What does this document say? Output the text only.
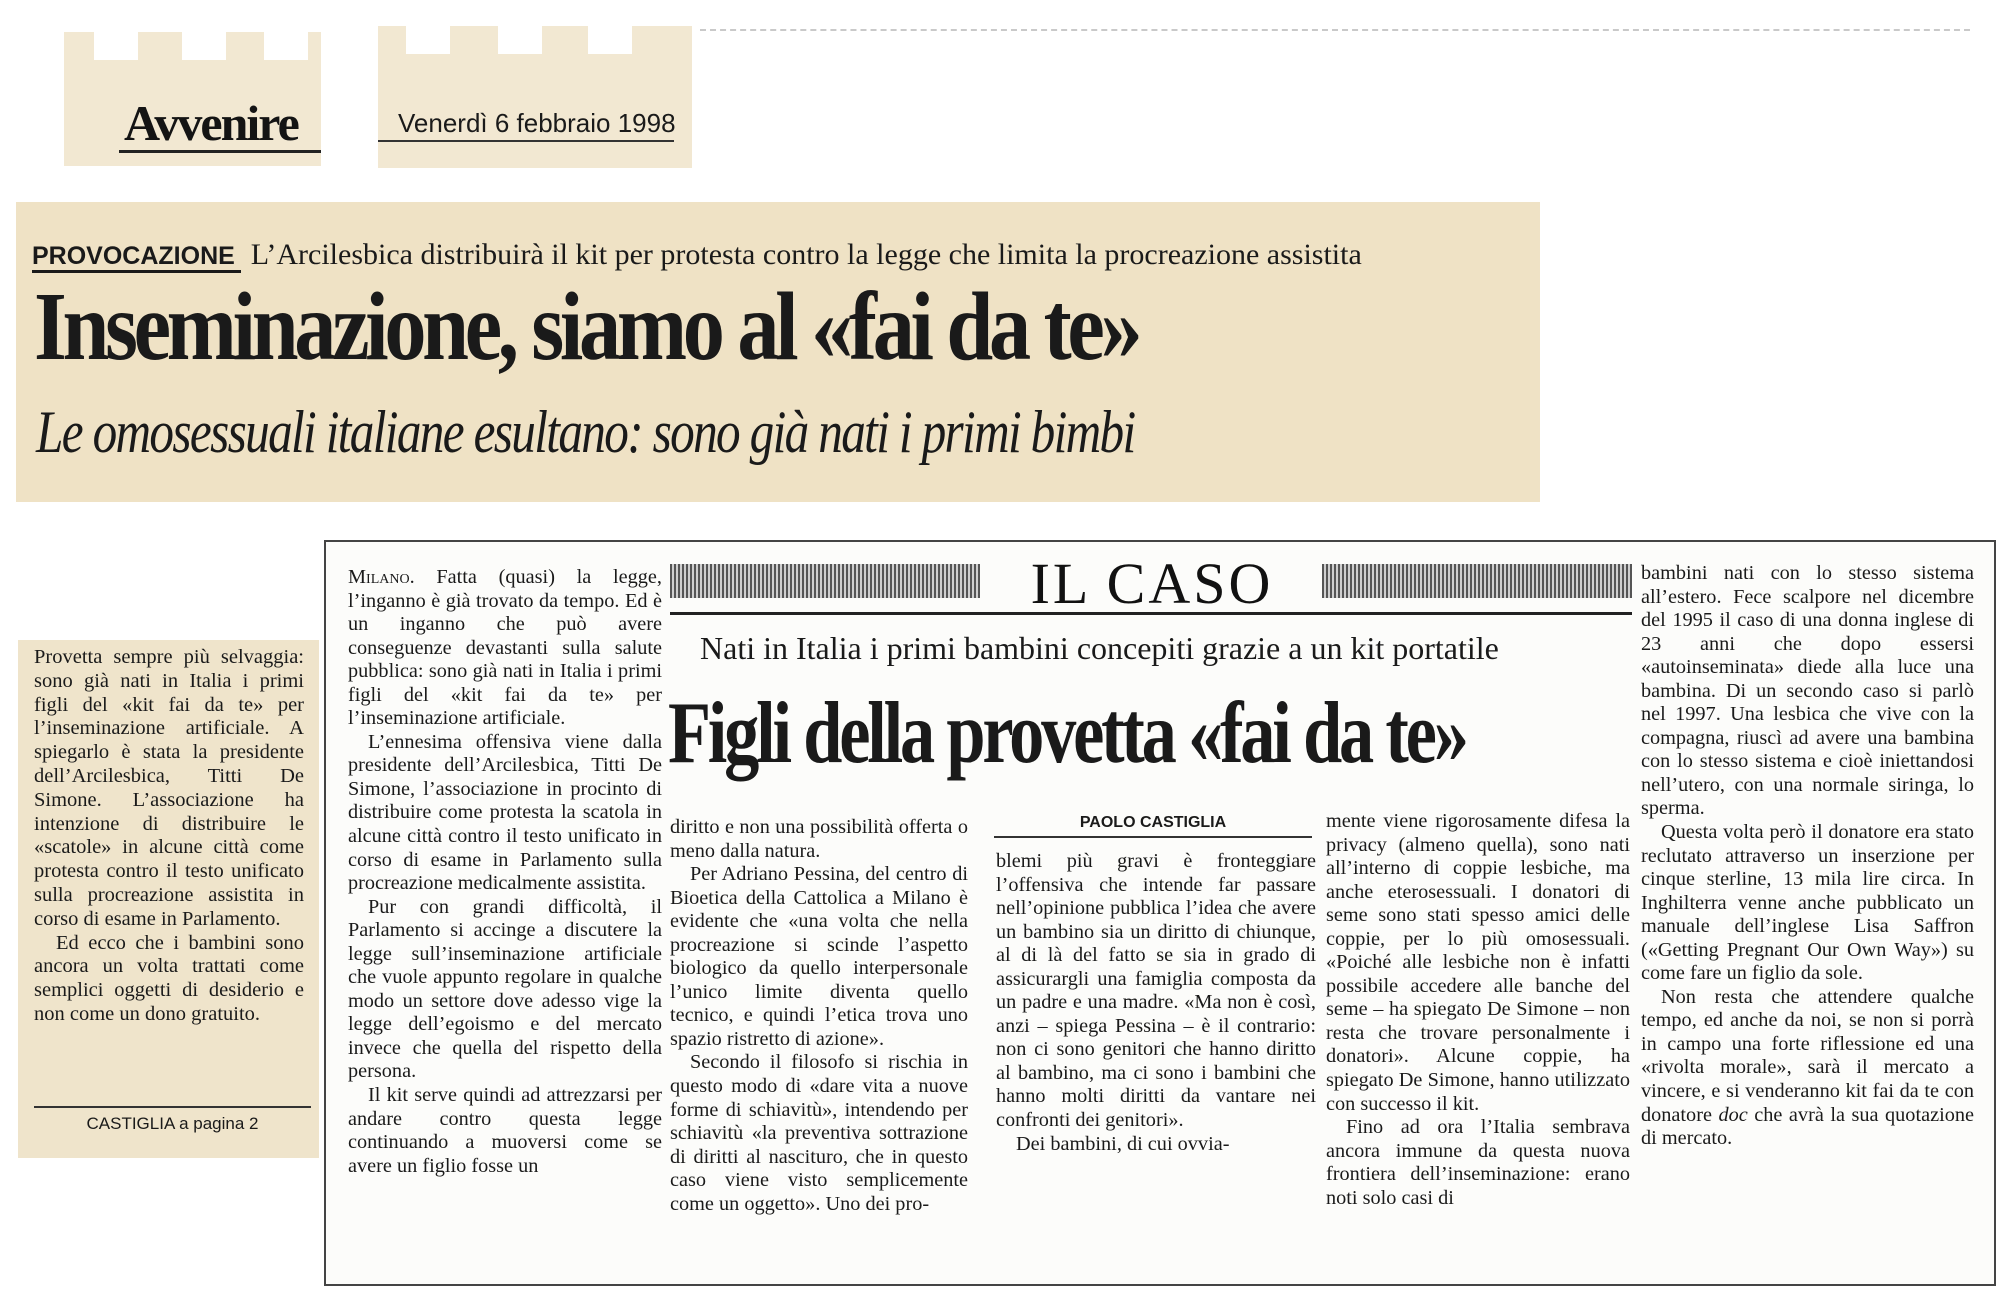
Avvenire	Venerdì 6 febbraio 1998
PROVOCAZIONE L’Arcilesbica distribuirà il kit per protesta contro la legge che limita la procreazione assistita
Inseminazione, siamo al «fai da te»
Le omosessuali italiane esultano: sono già nati i primi bimbi

Provetta sempre più selvaggia: sono già nati in Italia i primi figli del «kit fai da te» per l’inseminazione artificiale. A spiegarlo è stata la presidente dell’Arcilesbica, Titti De Simone. L’associazione ha intenzione di distribuire le «scatole» in alcune città come protesta contro il testo unificato sulla procreazione assistita in corso di esame in Parlamento.

Ed ecco che i bambini sono ancora un volta trattati come semplici oggetti di desiderio e non come un dono gratuito.

CASTIGLIA a pagina 2

Milano. Fatta (quasi) la legge, l’inganno è già trovato da tempo. Ed è un inganno che può avere conseguenze devastanti sulla salute pubblica: sono già nati in Italia i primi figli del «kit fai da te» per l’inseminazione artificiale.

L’ennesima offensiva viene dalla presidente dell’Arcilesbica, Titti De Simone, l’associazione in procinto di distribuire come protesta la scatola in alcune città contro il testo unificato in corso di esame in Parlamento sulla procreazione medicalmente assistita.

Pur con grandi difficoltà, il Parlamento si accinge a discutere la legge sull’inseminazione artificiale che vuole appunto regolare in qualche modo un settore dove adesso vige la legge dell’egoismo e del mercato invece che quella del rispetto della persona.

Il kit serve quindi ad attrezzarsi per andare contro questa legge continuando a muoversi come se avere un figlio fosse un

IL CASO
Nati in Italia i primi bambini concepiti grazie a un kit portatile
Figli della provetta «fai da te»
PAOLO CASTIGLIA

diritto e non una possibilità offerta o meno dalla natura.

Per Adriano Pessina, del centro di Bioetica della Cattolica a Milano è evidente che «una volta che nella procreazione si scinde l’aspetto biologico da quello interpersonale l’unico limite diventa quello tecnico, e quindi l’etica trova uno spazio ristretto di azione».

Secondo il filosofo si rischia in questo modo di «dare vita a nuove forme di schiavitù», intendendo per schiavitù «la preventiva sottrazione di diritti al nascituro, che in questo caso viene visto semplicemente come un oggetto». Uno dei pro-

blemi più gravi è fronteggiare l’offensiva che intende far passare nell’opinione pubblica l’idea che avere un bambino sia un diritto di chiunque, al di là del fatto se sia in grado di assicurargli una famiglia composta da un padre e una madre. «Ma non è così, anzi – spiega Pessina – è il contrario: non ci sono genitori che hanno diritto al bambino, ma ci sono i bambini che hanno molti diritti da vantare nei confronti dei genitori».

Dei bambini, di cui ovvia-

mente viene rigorosamente difesa la privacy (almeno quella), sono nati all’interno di coppie lesbiche, ma anche eterosessuali. I donatori di seme sono stati spesso amici delle coppie, per lo più omosessuali. «Poiché alle lesbiche non è infatti possibile accedere alle banche del seme – ha spiegato De Simone – non resta che trovare personalmente i donatori». Alcune coppie, ha spiegato De Simone, hanno utilizzato con successo il kit.

Fino ad ora l’Italia sembrava ancora immune da questa nuova frontiera dell’inseminazione: erano noti solo casi di

bambini nati con lo stesso sistema all’estero. Fece scalpore nel dicembre del 1995 il caso di una donna inglese di 23 anni che dopo essersi «autoinseminata» diede alla luce una bambina. Di un secondo caso si parlò nel 1997. Una lesbica che vive con la compagna, riuscì ad avere una bambina con lo stesso sistema e cioè iniettandosi nell’utero, con una normale siringa, lo sperma.

Questa volta però il donatore era stato reclutato attraverso un inserzione per cinque sterline, 13 mila lire circa. In Inghilterra venne anche pubblicato un manuale dell’inglese Lisa Saffron («Getting Pregnant Our Own Way») su come fare un figlio da sole.

Non resta che attendere qualche tempo, ed anche da noi, se non si porrà in campo una forte riflessione ed una «rivolta morale», sarà il mercato a vincere, e si venderanno kit fai da te con donatore doc che avrà la sua quotazione di mercato.
